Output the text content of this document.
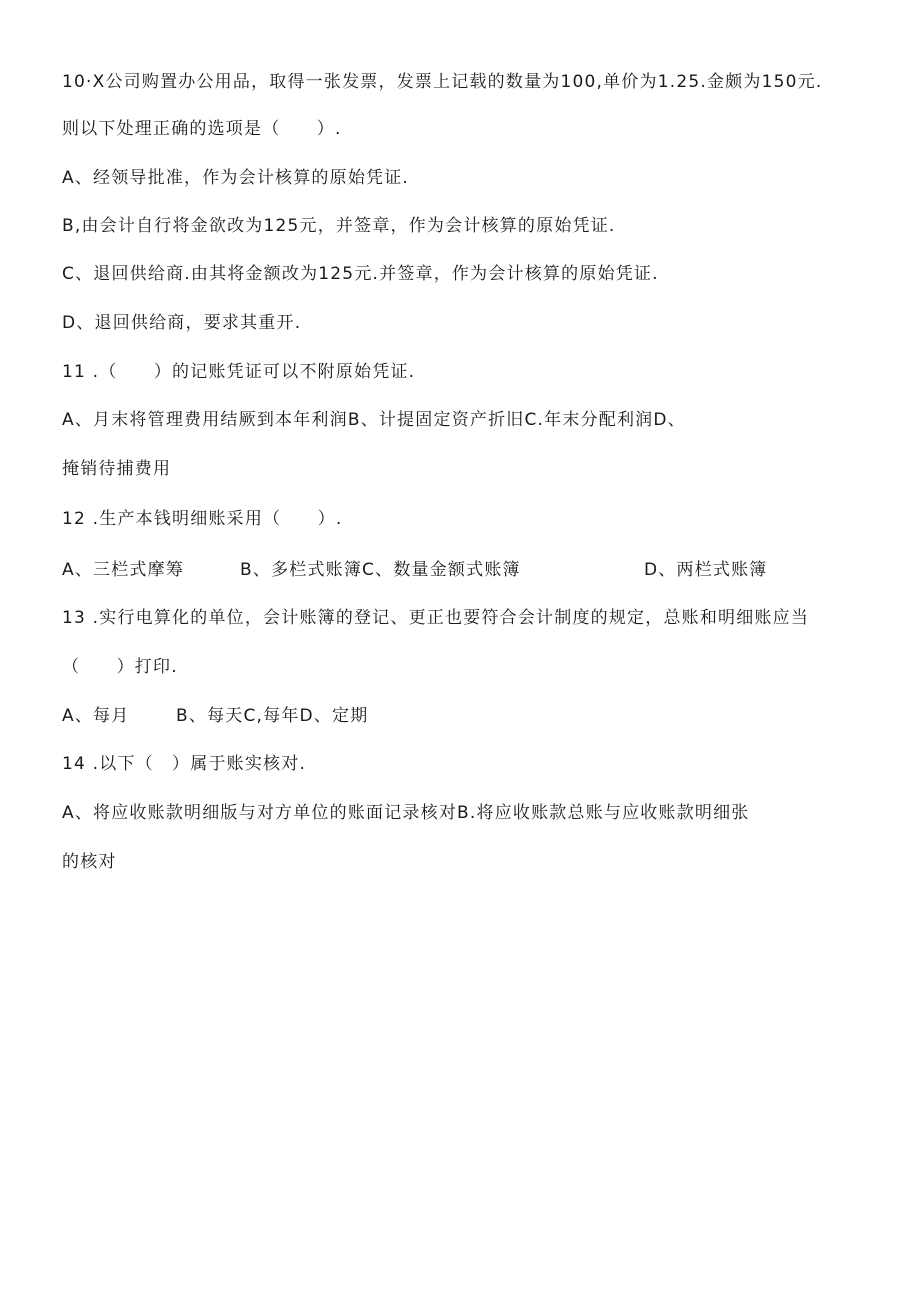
10·X公司购置办公用品，取得一张发票，发票上记载的数量为100,单价为1.25.金颇为150元.
则以下处理正确的选项是（　　）.
A、经领导批准，作为会计核算的原始凭证.
B,由会计自行将金欲改为125元，并签章，作为会计核算的原始凭证.
C、退回供给商.由其将金额改为125元.并签章，作为会计核算的原始凭证.
D、退回供给商，要求其重开.
11 .（　　）的记账凭证可以不附原始凭证.
A、月末将管理费用结厥到本年利润B、计提固定资产折旧C.年末分配利润D、
掩销待捕费用
12 .生产本钱明细账采用（　　）.
A、三栏式摩筹	B、多栏式账簿C、数量金额式账簿	D、两栏式账簿
13 .实行电算化的单位，会计账簿的登记、更正也要符合会计制度的规定，总账和明细账应当
（　　）打印.
A、每月	B、每天C,每年D、定期
14 .以下（　）属于账实核对.
A、将应收账款明细版与对方单位的账面记录核对B.将应收账款总账与应收账款明细张
的核对
